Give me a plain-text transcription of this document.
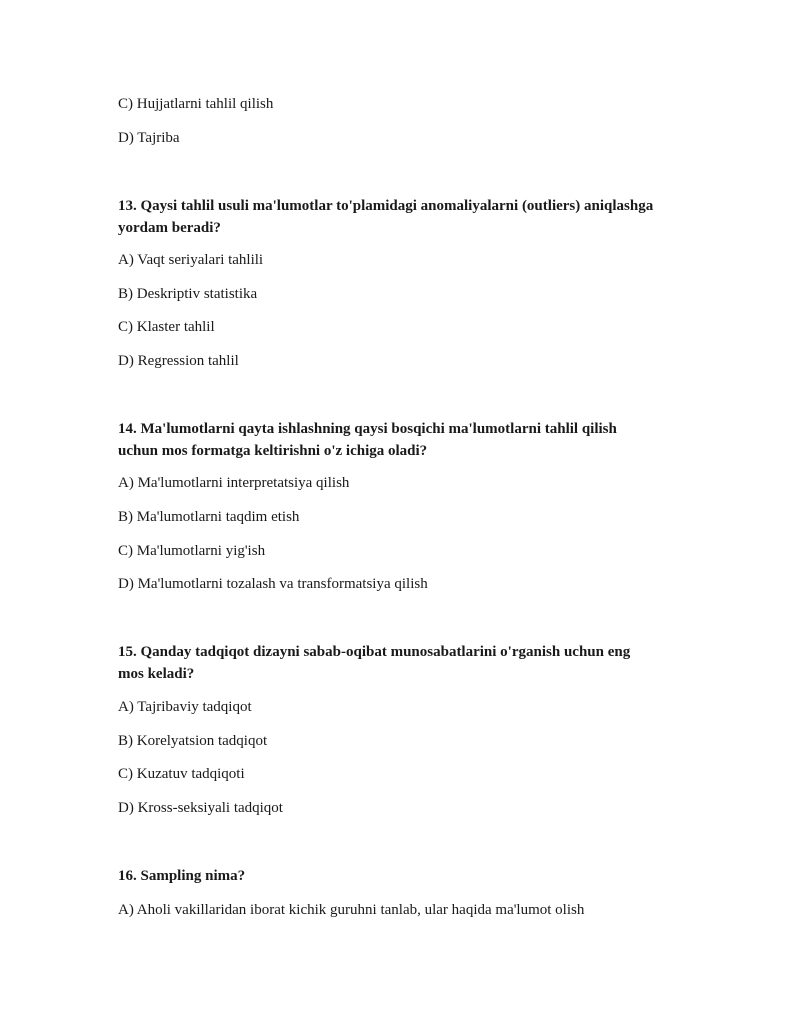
C) Hujjatlarni tahlil qilish
D) Tajriba
13. Qaysi tahlil usuli ma'lumotlar to'plamidagi anomaliyalarni (outliers) aniqlashga
yordam beradi?
A) Vaqt seriyalari tahlili
B) Deskriptiv statistika
C) Klaster tahlil
D) Regression tahlil
14. Ma'lumotlarni qayta ishlashning qaysi bosqichi ma'lumotlarni tahlil qilish
uchun mos formatga keltirishni o'z ichiga oladi?
A) Ma'lumotlarni interpretatsiya qilish
B) Ma'lumotlarni taqdim etish
C) Ma'lumotlarni yig'ish
D) Ma'lumotlarni tozalash va transformatsiya qilish
15. Qanday tadqiqot dizayni sabab-oqibat munosabatlarini o'rganish uchun eng
mos keladi?
A) Tajribaviy tadqiqot
B) Korelyatsion tadqiqot
C) Kuzatuv tadqiqoti
D) Kross-seksiyali tadqiqot
16. Sampling nima?
A) Aholi vakillaridan iborat kichik guruhni tanlab, ular haqida ma'lumot olish
